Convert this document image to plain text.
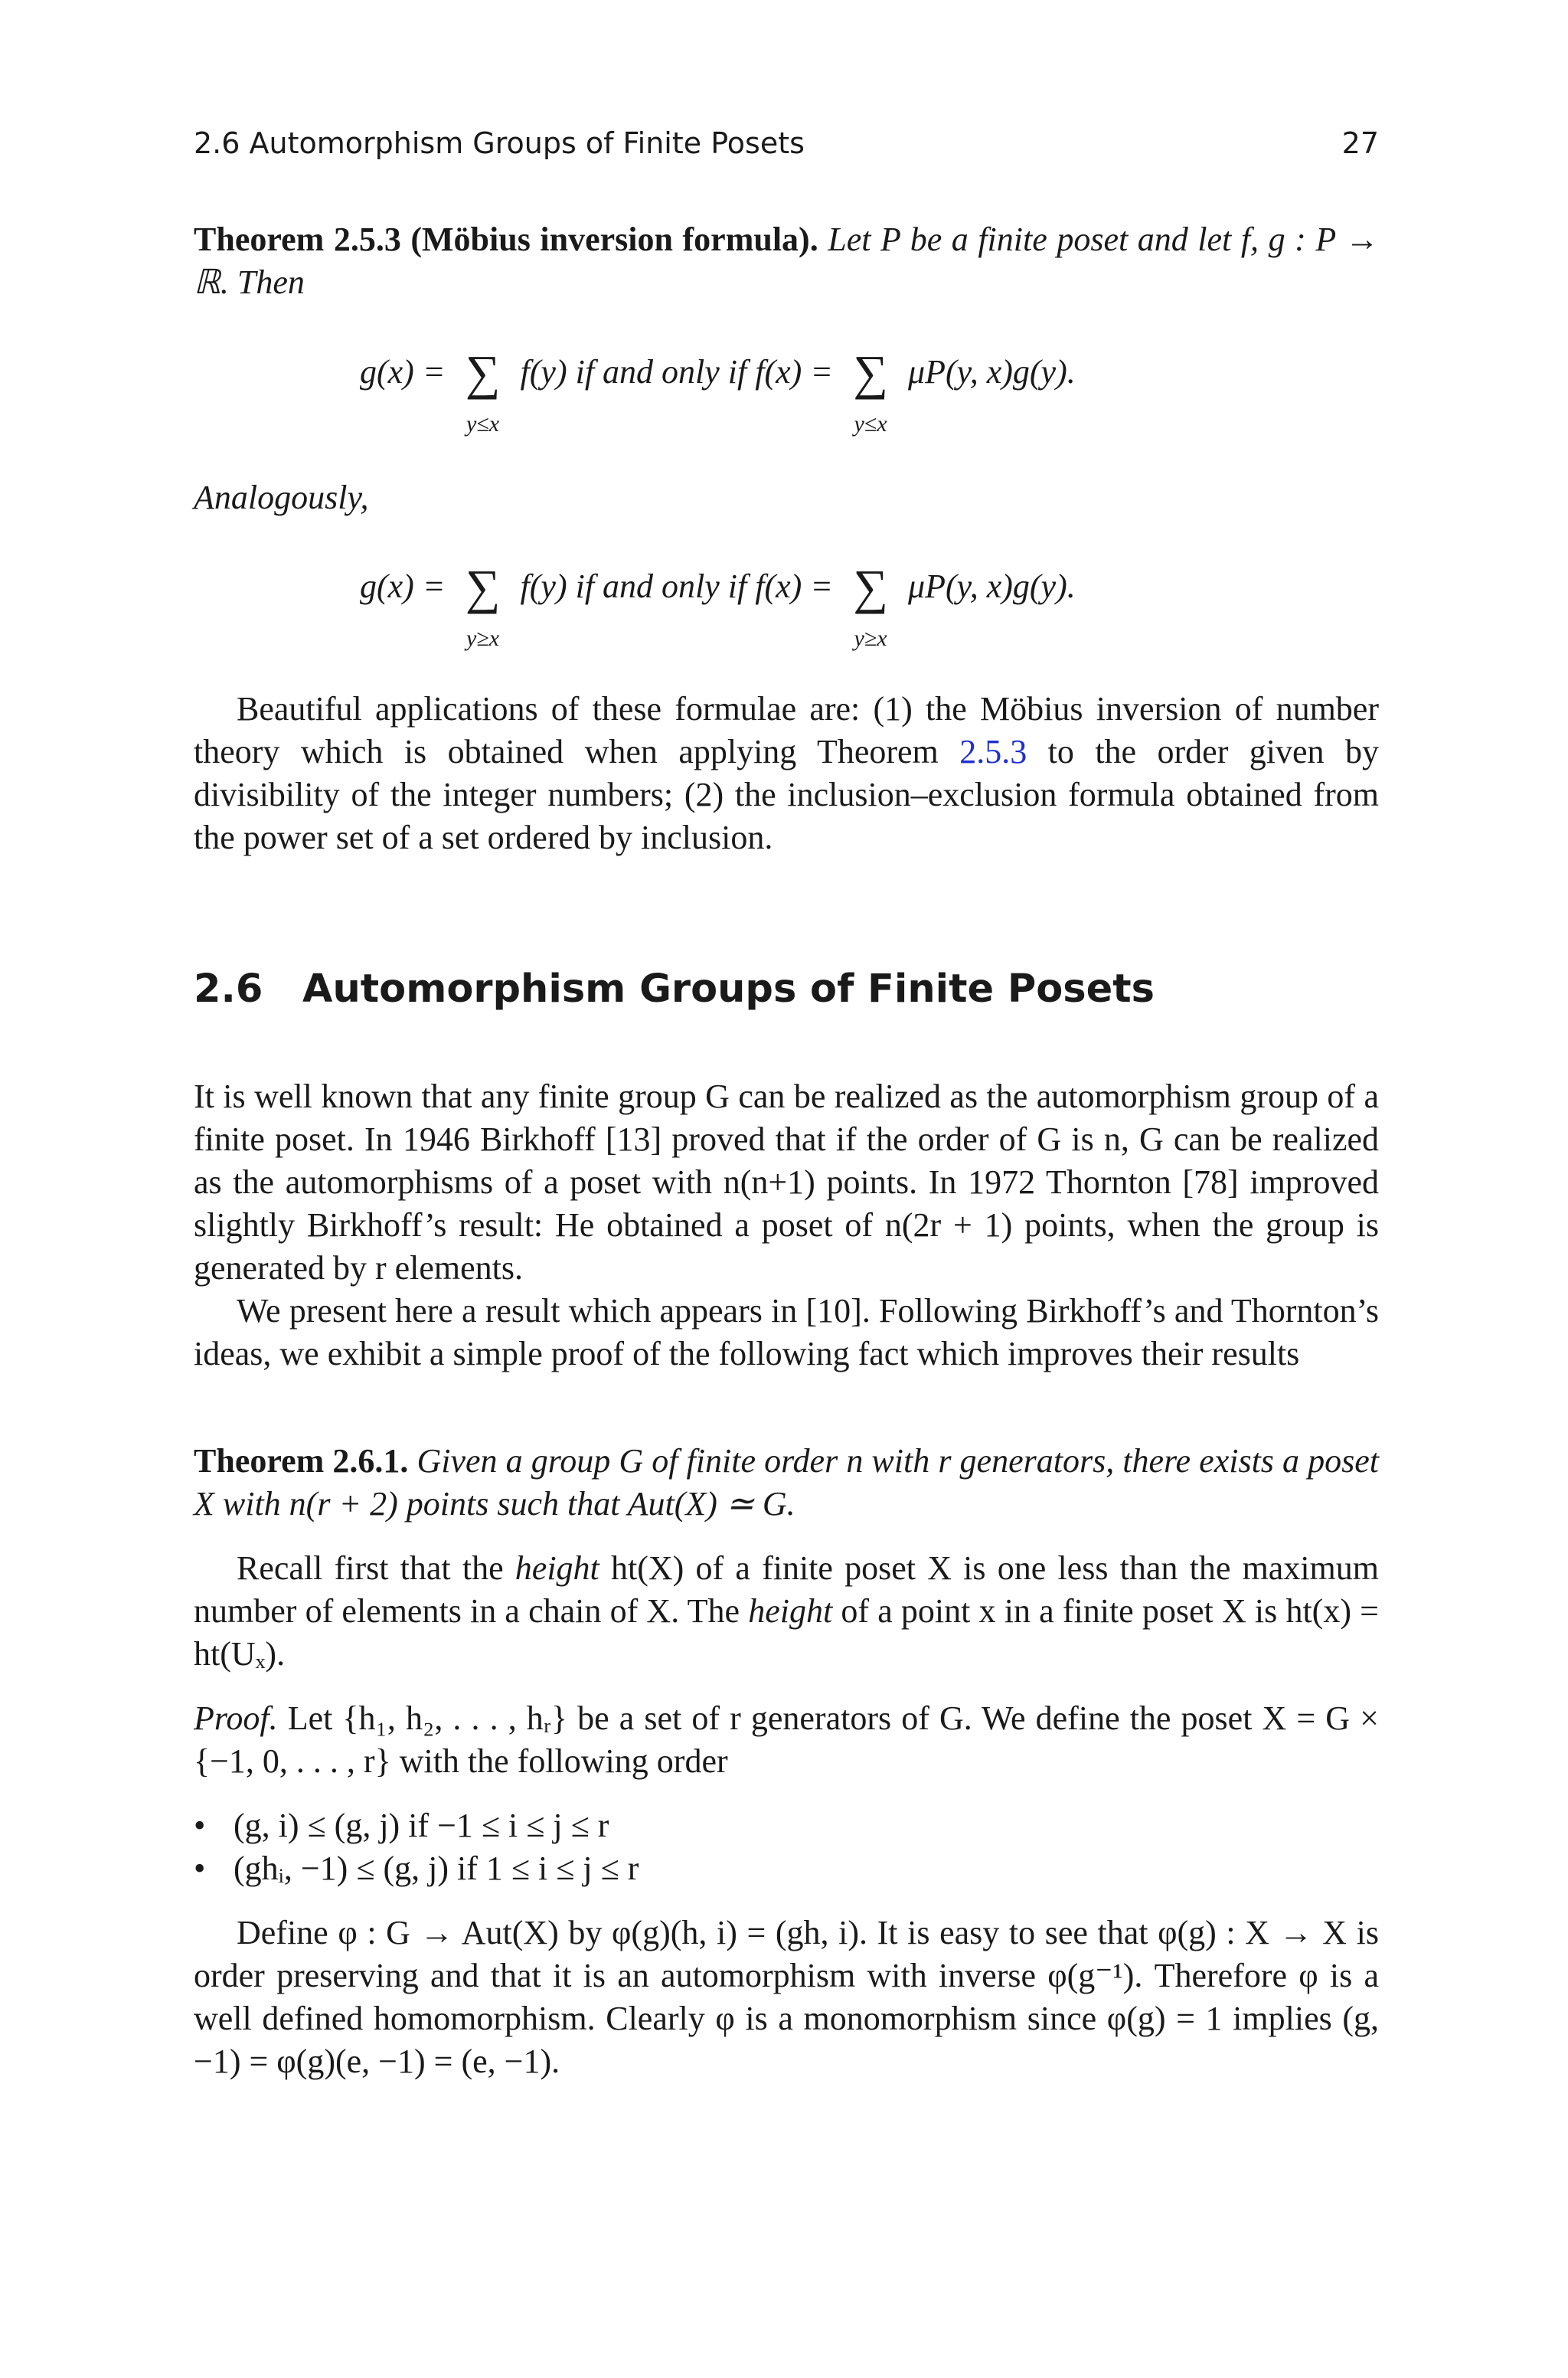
2.6 Automorphism Groups of Finite Posets	27
Theorem 2.5.3 (Möbius inversion formula). Let P be a finite poset and let f, g : P → ℝ. Then
g(x) = ∑
y≤x
f(y) if and only if f(x) = ∑
y≤x
μP(y, x)g(y).

Analogously,

g(x) = ∑
y≥x
f(y) if and only if f(x) = ∑
y≥x
μP(y, x)g(y).

Beautiful applications of these formulae are: (1) the Möbius inversion of number theory which is obtained when applying Theorem 2.5.3 to the order given by divisibility of the integer numbers; (2) the inclusion–exclusion formula obtained from the power set of a set ordered by inclusion.

2.6 Automorphism Groups of Finite Posets

It is well known that any finite group G can be realized as the automorphism group of a finite poset. In 1946 Birkhoff [13] proved that if the order of G is n, G can be realized as the automorphisms of a poset with n(n+1) points. In 1972 Thornton [78] improved slightly Birkhoff’s result: He obtained a poset of n(2r + 1) points, when the group is generated by r elements.

We present here a result which appears in [10]. Following Birkhoff’s and Thornton’s ideas, we exhibit a simple proof of the following fact which improves their results

Theorem 2.6.1. Given a group G of finite order n with r generators, there exists a poset X with n(r + 2) points such that Aut(X) ≃ G.

Recall first that the height ht(X) of a finite poset X is one less than the maximum number of elements in a chain of X. The height of a point x in a finite poset X is ht(x) = ht(Uₓ).

Proof. Let {h₁, h₂, . . . , hᵣ} be a set of r generators of G. We define the poset X = G × {−1, 0, . . . , r} with the following order

• (g, i) ≤ (g, j) if −1 ≤ i ≤ j ≤ r
• (ghᵢ, −1) ≤ (g, j) if 1 ≤ i ≤ j ≤ r

Define φ : G → Aut(X) by φ(g)(h, i) = (gh, i). It is easy to see that φ(g) : X → X is order preserving and that it is an automorphism with inverse φ(g⁻¹). Therefore φ is a well defined homomorphism. Clearly φ is a monomorphism since φ(g) = 1 implies (g, −1) = φ(g)(e, −1) = (e, −1).
